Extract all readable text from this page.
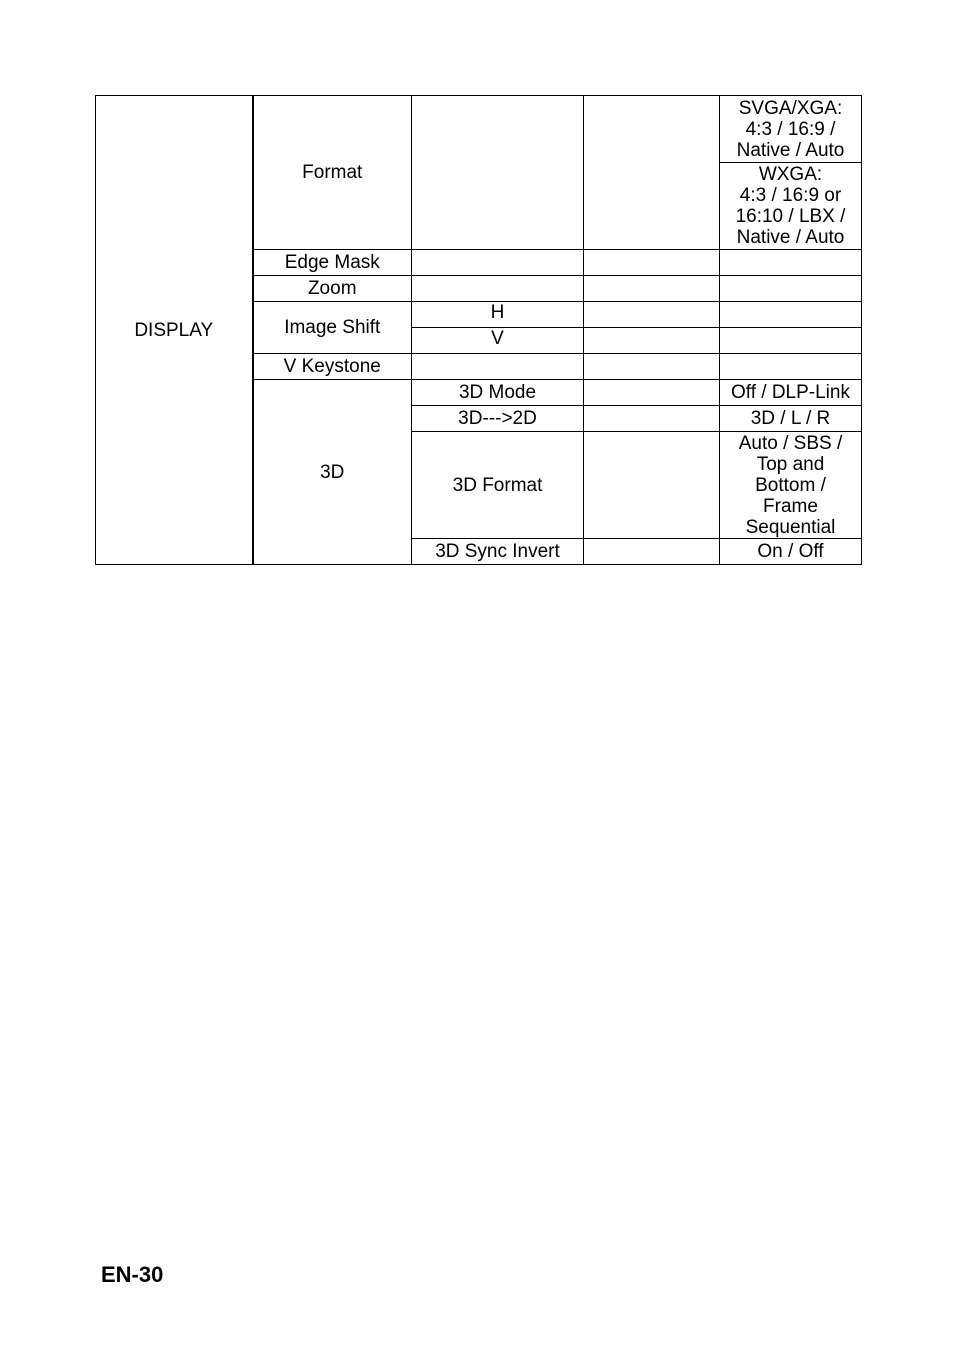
DISPLAY	Format			SVGA/XGA:
4:3 / 16:9 /
Native / Auto

				WXGA:
4:3 / 16:9 or
16:10 / LBX /
Native / Auto

	Edge Mask			
	Zoom			
	Image Shift	H		
		V		
	V Keystone			
	3D	3D Mode		Off / DLP-Link
		3D--->2D		3D / L / R
		3D Format		Auto / SBS /
Top and
Bottom /
Frame
Sequential

		3D Sync Invert		On / Off
EN-30
